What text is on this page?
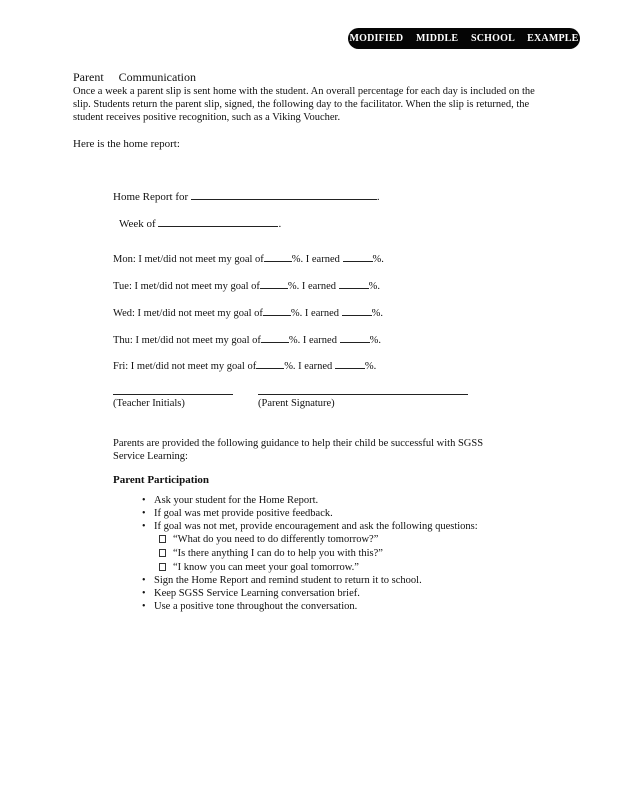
MODIFIED MIDDLE SCHOOL EXAMPLE
Parent Communication
Once a week a parent slip is sent home with the student. An overall percentage for each day is included on the slip. Students return the parent slip, signed, the following day to the facilitator. When the slip is returned, the student receives positive recognition, such as a Viking Voucher.
Here is the home report:
Home Report for	.
Week of	.
Mon: I met/did not meet my goal of	%. I earned	%.
Tue: I met/did not meet my goal of	%. I earned	%.
Wed: I met/did not meet my goal of	%. I earned	%.
Thu: I met/did not meet my goal of	%. I earned	%.
Fri: I met/did not meet my goal of	%. I earned	%.
(Teacher Initials)	(Parent Signature)
Parents are provided the following guidance to help their child be successful with SGSS Service Learning:
Parent Participation
• Ask your student for the Home Report.
• If goal was met provide positive feedback.
• If goal was not met, provide encouragement and ask the following questions:
“What do you need to do differently tomorrow?”
“Is there anything I can do to help you with this?”
“I know you can meet your goal tomorrow.”
• Sign the Home Report and remind student to return it to school.
• Keep SGSS Service Learning conversation brief.
• Use a positive tone throughout the conversation.
